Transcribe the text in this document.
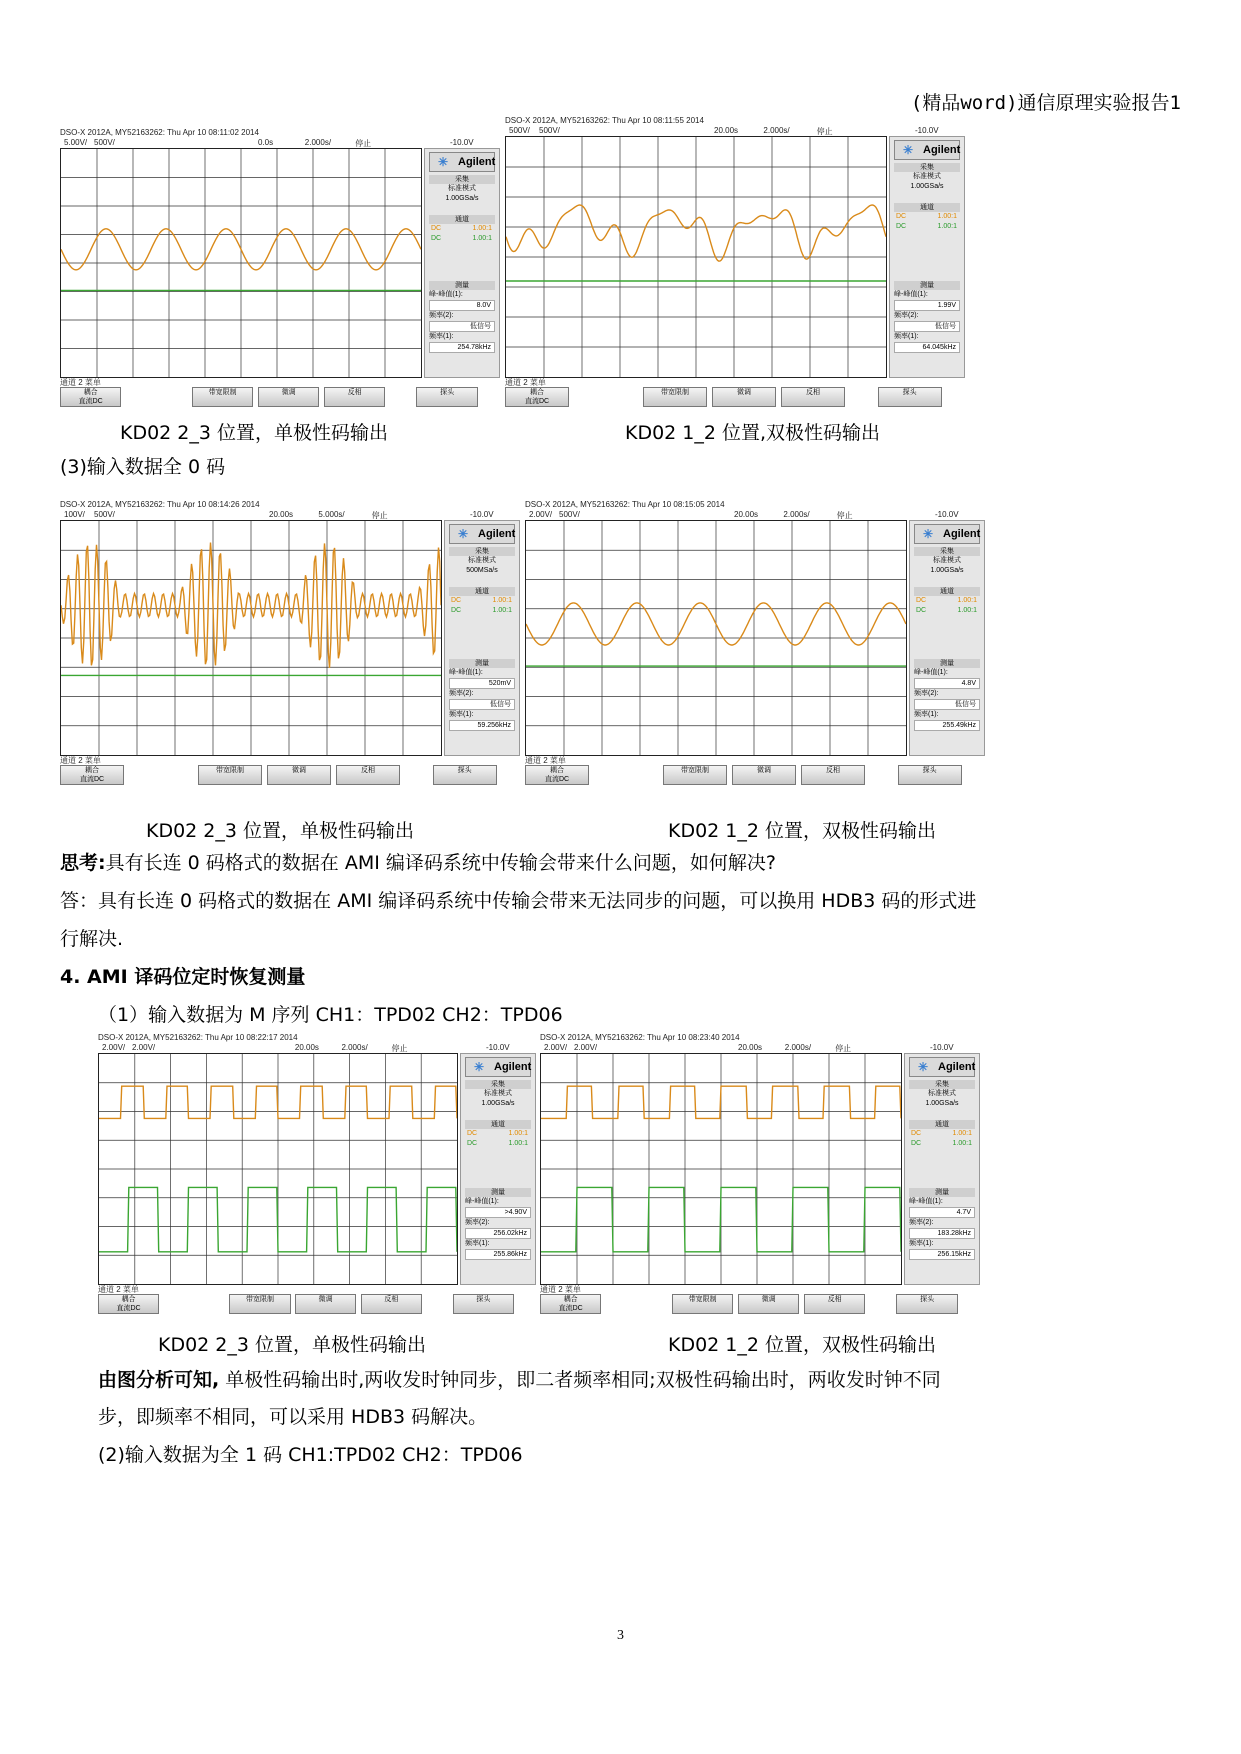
(精品word)通信原理实验报告1
DSO-X 2012A, MY52163262: Thu Apr 10 08:11:02 2014
5.00V/ 500V/	0.0s	2.000s/	停止	-10.0V
✳ Agilent
采集
标准模式
1.00GSa/s
通道
DC	1.00:1
DC	1.00:1
测量
峰-峰值(1):
8.0V
频率(2):
低信号
频率(1):
254.78kHz
通道 2 菜单
耦合
直流DC
带宽限制	微调	反相	探头
DSO-X 2012A, MY52163262: Thu Apr 10 08:11:55 2014
500V/ 500V/	20.00s	2.000s/	停止	-10.0V
✳ Agilent
采集
标准模式
1.00GSa/s
通道
DC	1.00:1
DC	1.00:1
测量
峰-峰值(1):
1.99V
频率(2):
低信号
频率(1):
64.045kHz
通道 2 菜单
耦合
直流DC
带宽限制	微调	反相	探头
DSO-X 2012A, MY52163262: Thu Apr 10 08:14:26 2014
100V/ 500V/	20.00s	5.000s/	停止	-10.0V
✳ Agilent
采集
标准模式
500MSa/s
通道
DC	1.00:1
DC	1.00:1
测量
峰-峰值(1):
520mV
频率(2):
低信号
频率(1):
59.256kHz
通道 2 菜单
耦合
直流DC
带宽限制	微调	反相	探头
DSO-X 2012A, MY52163262: Thu Apr 10 08:15:05 2014
2.00V/ 500V/	20.00s	2.000s/	停止	-10.0V
✳ Agilent
采集
标准模式
1.00GSa/s
通道
DC	1.00:1
DC	1.00:1
测量
峰-峰值(1):
4.8V
频率(2):
低信号
频率(1):
255.49kHz
通道 2 菜单
耦合
直流DC
带宽限制	微调	反相	探头
DSO-X 2012A, MY52163262: Thu Apr 10 08:22:17 2014
2.00V/ 2.00V/	20.00s	2.000s/	停止	-10.0V
✳ Agilent
采集
标准模式
1.00GSa/s
通道
DC	1.00:1
DC	1.00:1
测量
峰-峰值(1):
>4.90V
频率(2):
256.02kHz
频率(1):
255.86kHz
通道 2 菜单
耦合
直流DC
带宽限制	微调	反相	探头
DSO-X 2012A, MY52163262: Thu Apr 10 08:23:40 2014
2.00V/ 2.00V/	20.00s	2.000s/	停止	-10.0V
✳ Agilent
采集
标准模式
1.00GSa/s
通道
DC	1.00:1
DC	1.00:1
测量
峰-峰值(1):
4.7V
频率(2):
183.28kHz
频率(1):
256.15kHz
通道 2 菜单
耦合
直流DC
带宽限制	微调	反相	探头
KD02 2_3 位置，单极性码输出	KD02 1_2 位置,双极性码输出
(3)输入数据全 0 码
KD02 2_3 位置，单极性码输出	KD02 1_2 位置，双极性码输出
思考:具有长连 0 码格式的数据在 AMI 编译码系统中传输会带来什么问题，如何解决?
答：具有长连 0 码格式的数据在 AMI 编译码系统中传输会带来无法同步的问题，可以换用 HDB3 码的形式进
行解决.
4. AMI 译码位定时恢复测量
（1）输入数据为 M 序列 CH1：TPD02 CH2：TPD06
KD02 2_3 位置，单极性码输出	KD02 1_2 位置，双极性码输出
由图分析可知, 单极性码输出时,两收发时钟同步，即二者频率相同;双极性码输出时，两收发时钟不同
步，即频率不相同，可以采用 HDB3 码解决。
(2)输入数据为全 1 码 CH1:TPD02 CH2：TPD06
3
